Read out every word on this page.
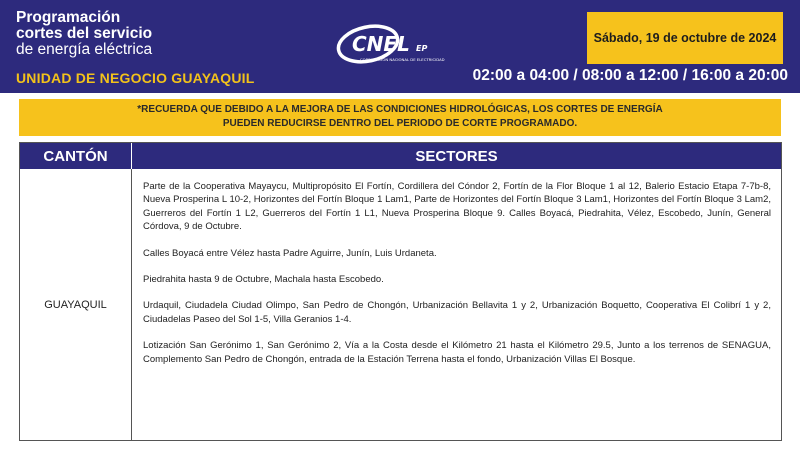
Programación
cortes del servicio
de energía eléctrica
UNIDAD DE NEGOCIO GUAYAQUIL
CNEL EP
CORPORACIÓN NACIONAL DE ELECTRICIDAD
Sábado, 19 de octubre de 2024
02:00 a 04:00 / 08:00 a 12:00 / 16:00 a 20:00
*RECUERDA QUE DEBIDO A LA MEJORA DE LAS CONDICIONES HIDROLÓGICAS, LOS CORTES DE ENERGÍA
PUEDEN REDUCIRSE DENTRO DEL PERIODO DE CORTE PROGRAMADO.
CANTÓN	SECTORES
GUAYAQUIL

Parte de la Cooperativa Mayaycu, Multipropósito El Fortín, Cordillera del Cóndor 2, Fortín de la Flor Bloque 1 al 12, Balerio Estacio Etapa 7-7b-8, Nueva Prosperina L 10-2, Horizontes del Fortín Bloque 1 Lam1, Parte de Horizontes del Fortín Bloque 3 Lam1, Horizontes del Fortín Bloque 3 Lam2, Guerreros del Fortín 1 L2, Guerreros del Fortín 1 L1, Nueva Prosperina Bloque 9. Calles Boyacá, Piedrahita, Vélez, Escobedo, Junín, General Córdova, 9 de Octubre.

Calles Boyacá entre Vélez hasta Padre Aguirre, Junín, Luis Urdaneta.

Piedrahita hasta 9 de Octubre, Machala hasta Escobedo.

Urdaquil, Ciudadela Ciudad Olimpo, San Pedro de Chongón, Urbanización Bellavita 1 y 2, Urbanización Boquetto, Cooperativa El Colibrí 1 y 2, Ciudadelas Paseo del Sol 1-5, Villa Geranios 1-4.

Lotización San Gerónimo 1, San Gerónimo 2, Vía a la Costa desde el Kilómetro 21 hasta el Kilómetro 29.5, Junto a los terrenos de SENAGUA, Complemento San Pedro de Chongón, entrada de la Estación Terrena hasta el fondo, Urbanización Villas El Bosque.
